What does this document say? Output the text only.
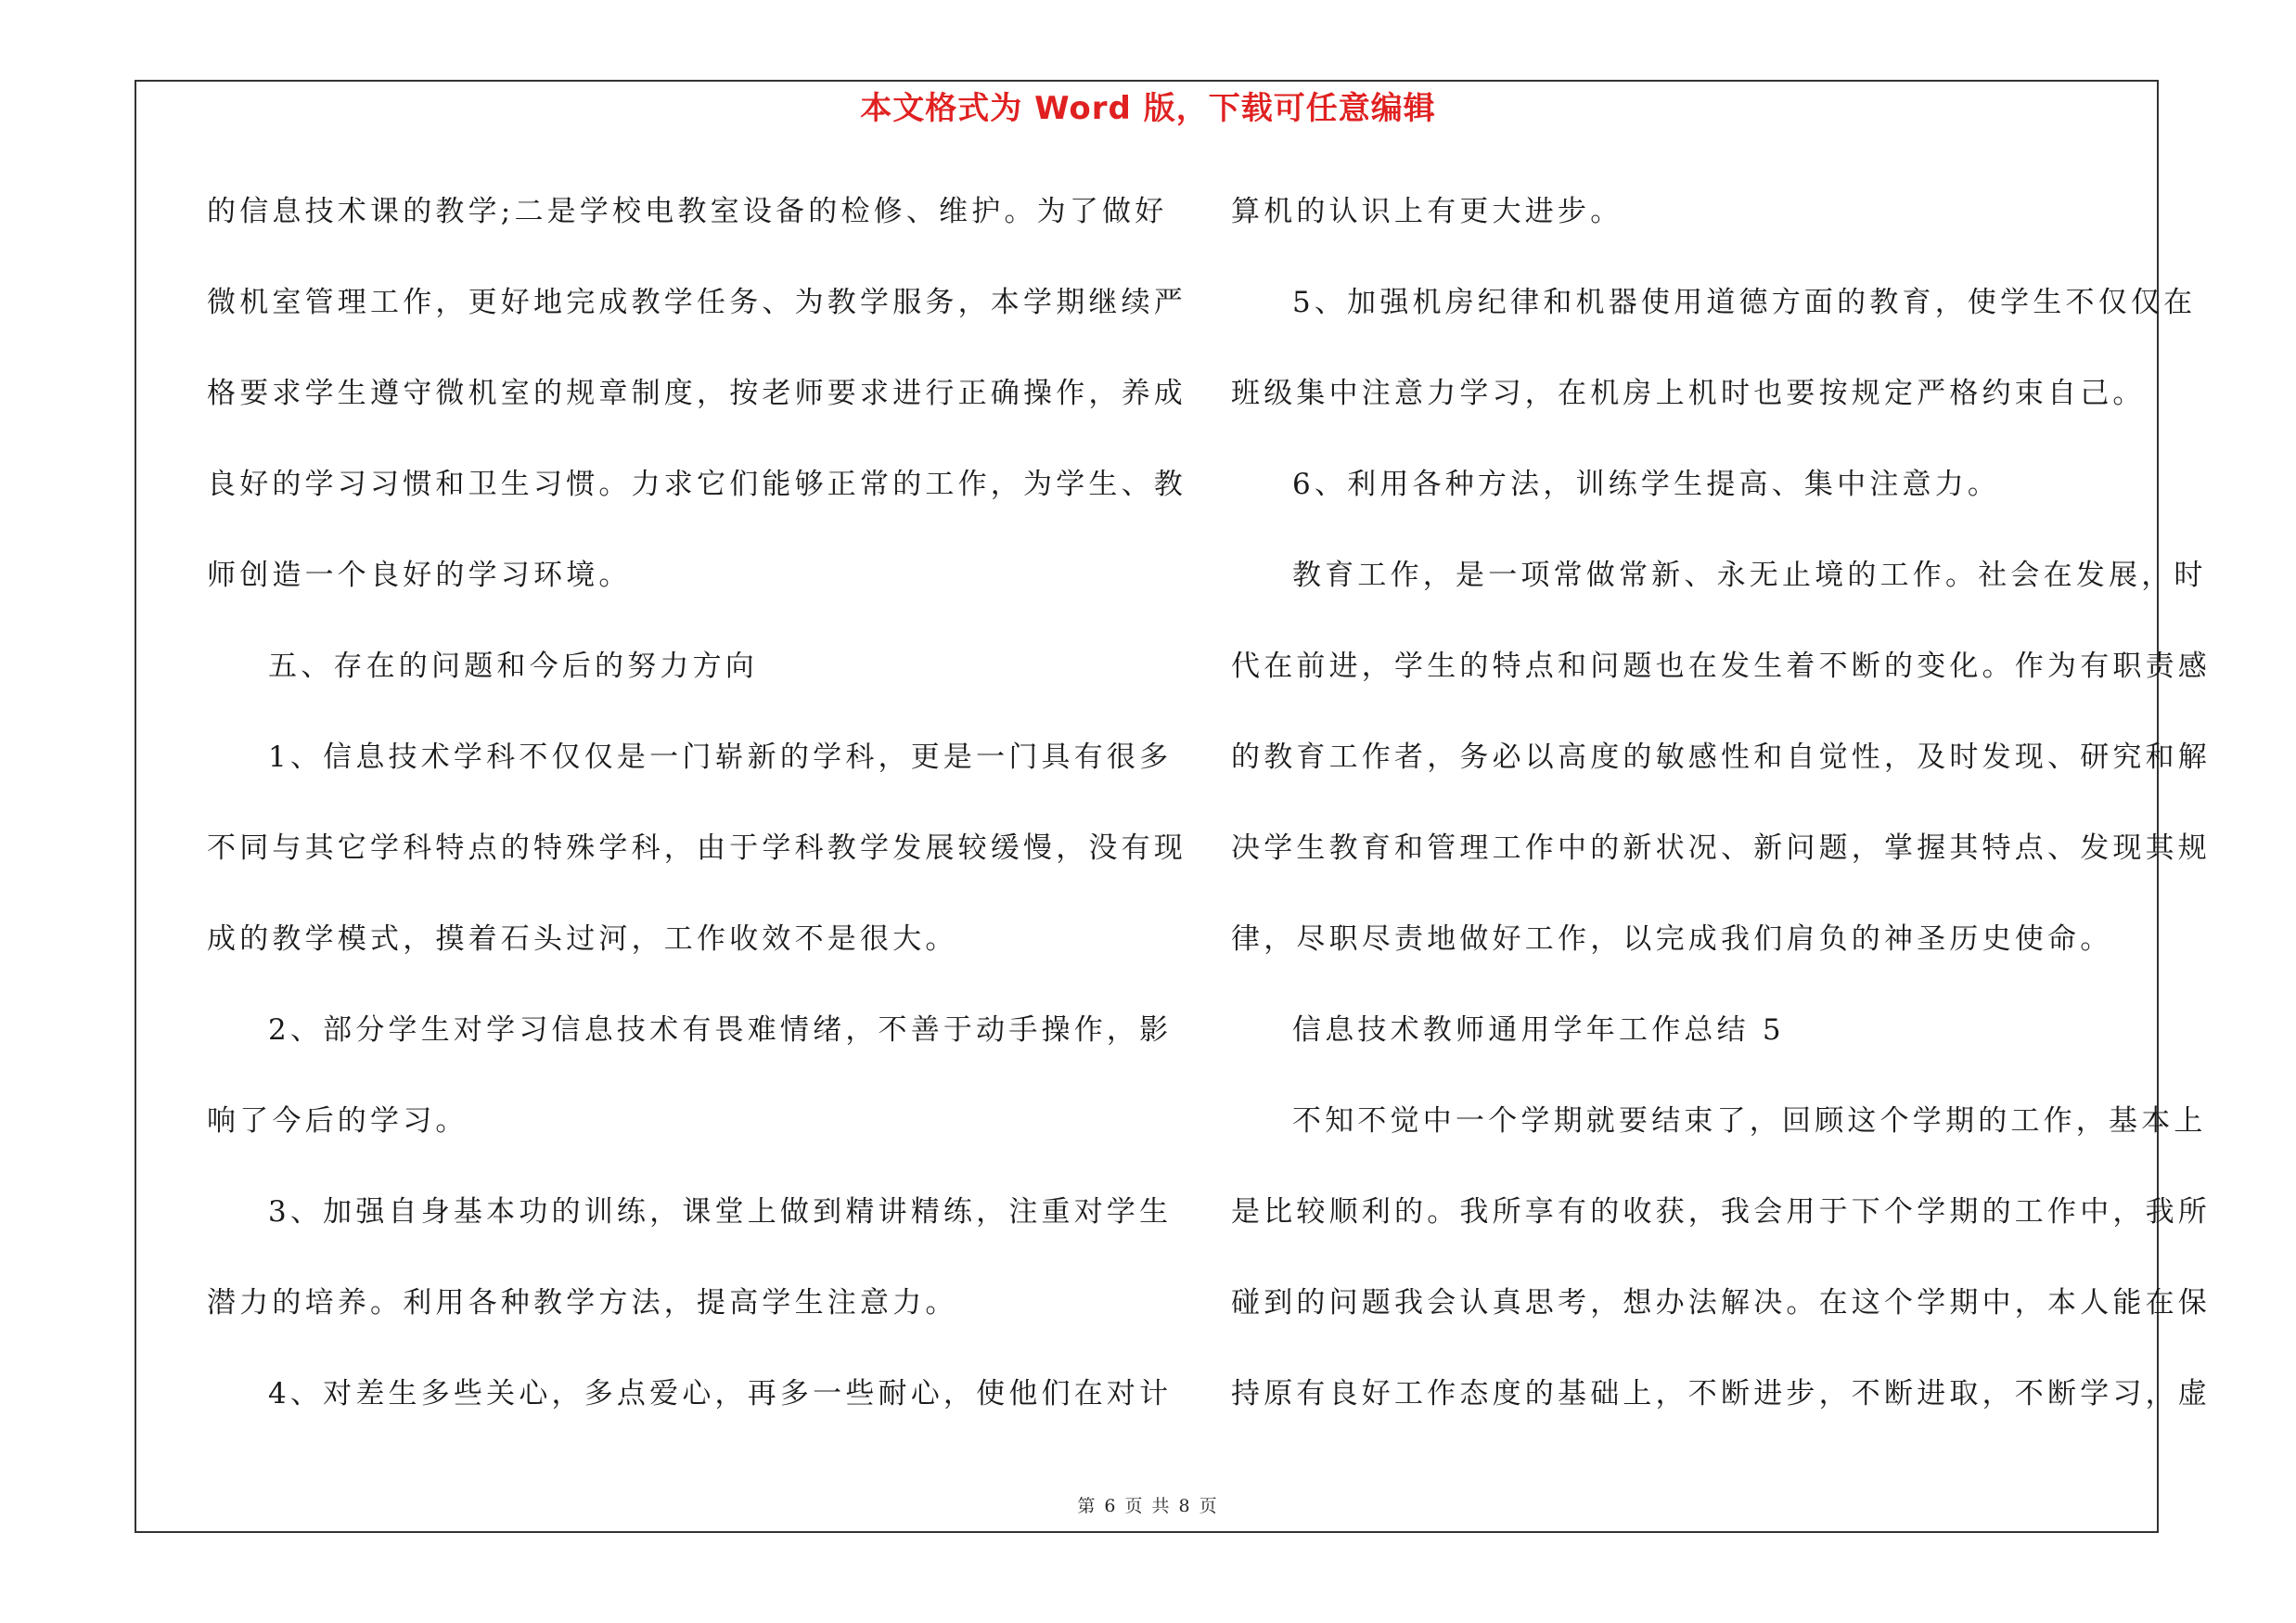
本文格式为 Word 版，下载可任意编辑
的信息技术课的教学;二是学校电教室设备的检修、维护。为了做好
微机室管理工作，更好地完成教学任务、为教学服务，本学期继续严
格要求学生遵守微机室的规章制度，按老师要求进行正确操作，养成
良好的学习习惯和卫生习惯。力求它们能够正常的工作，为学生、教
师创造一个良好的学习环境。
五、存在的问题和今后的努力方向
1、信息技术学科不仅仅是一门崭新的学科，更是一门具有很多
不同与其它学科特点的特殊学科，由于学科教学发展较缓慢，没有现
成的教学模式，摸着石头过河，工作收效不是很大。
2、部分学生对学习信息技术有畏难情绪，不善于动手操作，影
响了今后的学习。
3、加强自身基本功的训练，课堂上做到精讲精练，注重对学生
潜力的培养。利用各种教学方法，提高学生注意力。
4、对差生多些关心，多点爱心，再多一些耐心，使他们在对计
算机的认识上有更大进步。
5、加强机房纪律和机器使用道德方面的教育，使学生不仅仅在
班级集中注意力学习，在机房上机时也要按规定严格约束自己。
6、利用各种方法，训练学生提高、集中注意力。
教育工作，是一项常做常新、永无止境的工作。社会在发展，时
代在前进，学生的特点和问题也在发生着不断的变化。作为有职责感
的教育工作者，务必以高度的敏感性和自觉性，及时发现、研究和解
决学生教育和管理工作中的新状况、新问题，掌握其特点、发现其规
律，尽职尽责地做好工作，以完成我们肩负的神圣历史使命。
信息技术教师通用学年工作总结 5
不知不觉中一个学期就要结束了，回顾这个学期的工作，基本上
是比较顺利的。我所享有的收获，我会用于下个学期的工作中，我所
碰到的问题我会认真思考，想办法解决。在这个学期中，本人能在保
持原有良好工作态度的基础上，不断进步，不断进取，不断学习，虚
第 6 页 共 8 页
